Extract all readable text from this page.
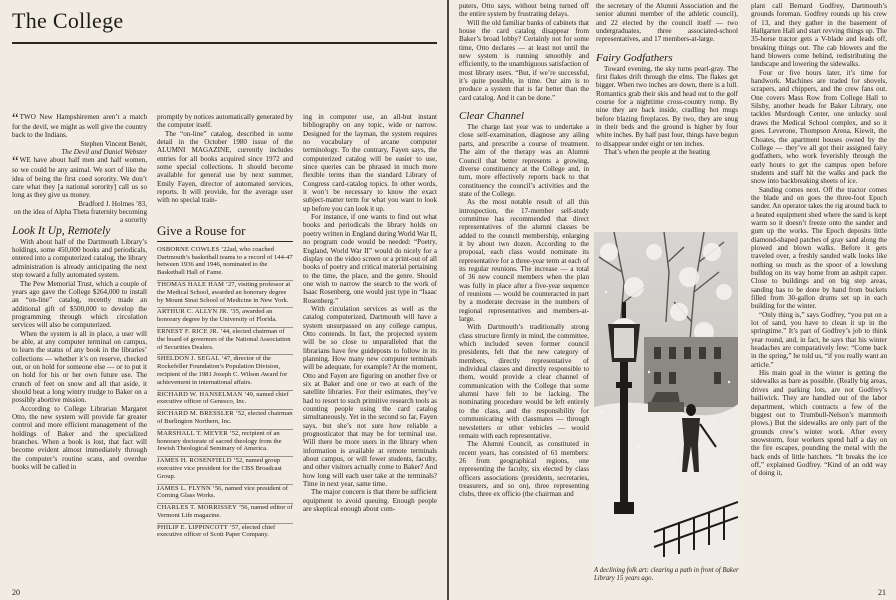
The College

“TWO New Hampshiremen aren’t a match for the devil, we might as well give the country back to the Indians.

Stephen Vincent Benét,
The Devil and Daniel Webster

“WE have about half men and half women, so we could be any animal. We sort of like the idea of being the first coed sorority. We don’t care what they [a national sorority] call us so long as they give us money.

Bradford J. Holmes ’83,
on the idea of Alpha Theta fraternity becoming a sorority

Look It Up, Remotely

With about half of the Dartmouth Library’s holdings, some 450,000 books and periodicals, entered into a computerized catalog, the library administration is already anticipating the next step toward a fully automated system.

The Pew Memorial Trust, which a couple of years ago gave the College $264,000 to install an “on-line” catalog, recently made an additional gift of $500,000 to develop the programming through which circulation services will also be computerized.

When the system is all in place, a user will be able, at any computer terminal on campus, to learn the status of any book in the libraries’ collections — whether it’s on reserve, checked out, or on hold for someone else — or to put it on hold for his or her own future use. The crunch of feet on snow and all that aside, it should beat a long wintry trudge to Baker on a possibly abortive mission.

According to College Librarian Margaret Otto, the new system will provide far greater control and more efficient management of the holdings of Baker and the specialized branches. When a book is lost, that fact will become evident almost immediately through the computer’s routine scans, and overdue books will be called in

promptly by notices automatically generated by the computer itself.

The “on-line” catalog, described in some detail in the October 1980 issue of the ALUMNI MAGAZINE, currently includes entries for all books acquired since 1972 and some special collections. It should become available for general use by next summer, Emily Fayen, director of automated services, reports. It will provide, for the average user with no special train-

Give a Rouse for

OSBORNE COWLES ’22ad, who coached Dartmouth’s basketball teams to a record of 144-47 between 1936 and 1946, nominated to the Basketball Hall of Fame.

THOMAS HALE HAM ’27, visiting professor at the Medical School, awarded an honorary degree by Mount Sinai School of Medicine in New York.

ARTHUR C. ALLYN JR. ’35, awarded an honorary degree by the University of Florida.

ERNEST F. RICE JR. ’44, elected chairman of the board of governors of the National Association of Securities Dealers.

SHELDON J. SEGAL ’47, director of the Rockefeller Foundation’s Population Division, recipient of the 1981 Joseph C. Wilson Award for achievement in international affairs.

RICHARD W. HANSELMAN ’49, named chief executive officer of Genesco, Inc.

RICHARD M. BRESSLER ’52, elected chairman of Burlington Northern, Inc.

MARSHALL T. MEYER ’52, recipient of an honorary doctorate of sacred theology from the Jewish Theological Seminary of America.

JAMES H. ROSENFIELD ’52, named group executive vice president for the CBS Broadcast Group.

JAMES L. FLYNN ’56, named vice president of Corning Glass Works.

CHARLES T. MORRISSEY ’56, named editor of Vermont Life magazine.

PHILIP E. LIPPINCOTT ’57, elected chief executive officer of Scott Paper Company.

ing in computer use, an all-but instant bibliography on any topic, wide or narrow. Designed for the layman, the system requires no vocabulary of arcane computer terminology. To the contrary, Fayen says, the computerized catalog will be easier to use, since queries can be phrased in much more flexible terms than the standard Library of Congress card-catalog topics. In other words, it won’t be necessary to know the exact subject-matter term for what you want to look up before you can look it up.

For instance, if one wants to find out what books and periodicals the library holds on poetry written in England during World War II, no program code would be needed: “Poetry, England, World War II” would do nicely for a display on the video screen or a print-out of all books of poetry and critical material pertaining to the time, the place, and the genre. Should one wish to narrow the search to the work of Isaac Rosenberg, one would just type in “Isaac Rosenberg.”

With circulation services as well as the catalog computerized, Dartmouth will have a system unsurpassed on any college campus, Otto contends. In fact, the projected system will be so close to unparalleled that the librarians have few guideposts to follow in its planning. How many new computer terminals will be adequate, for example? At the moment, Otto and Fayen are figuring on another five or six at Baker and one or two at each of the satellite libraries. For their estimates, they’ve had to resort to such primitive research tools as counting people using the card catalog simultaneously. Yet in the second so far, Fayen says, but she’s not sure how reliable a prognosticator that may be for terminal use. Will there be more users in the library when information is available at remote terminals about campus, or will fewer students, faculty, and other visitors actually come to Baker? And how long will each user take at the terminals? Time in next year, same time.

The major concern is that there be sufficient equipment to avoid queuing. Enough people are skeptical enough about com-

20

puters, Otto says, without being turned off the entire system by frustrating delays.

Will the old familiar banks of cabinets that house the card catalog disappear from Baker’s broad lobby? Certainly not for some time, Otto declares — at least not until the new system is running smoothly and efficiently, to the unambiguous satisfaction of most library users. “But, if we’re successful, it’s quite possible, in time. Our aim is to produce a system that is far better than the card catalog. And it can be done.”

Clear Channel

The charge last year was to undertake a close self-examination, diagnose any ailing parts, and prescribe a course of treatment. The aim of the therapy was an Alumni Council that better represents a growing, diverse constituency at the College and, in turn, more effectively reports back to that constituency the council’s activities and the state of the College.

As the most notable result of all this introspection, the 17-member self-study committee has recommended that direct representatives of the alumni classes be added to the council membership, enlarging it by about two dozen. According to the proposal, each class would nominate its representative for a three-year term at each of its regular reunions. The increase — a total of 36 new council members when the plan was fully in place after a five-year sequence of reunions — would be counteracted in part by a moderate decrease in the numbers of regional representatives and members-at-large.

With Dartmouth’s traditionally strong class structure firmly in mind, the committee, which included seven former council presidents, felt that the new category of members, directly representative of individual classes and directly responsible to them, would provide a clear channel of communication with the College that some alumni have felt to be lacking. The nominating procedure would be left entirely to the class, and the responsibility for communicating with classmates — through newsletters or other vehicles — would remain with each representative.

The Alumni Council, as constituted in recent years, has consisted of 61 members: 26 from geographical regions, one representing the faculty, six elected by class officers associations (presidents, secretaries, treasurers, and so on), three representing clubs, three ex officio (the chairman and

the secretary of the Alumni Association and the senior alumni member of the athletic council), and 22 elected by the council itself — two undergraduates, three associated-school representatives, and 17 members-at-large.

Fairy Godfathers

Toward evening, the sky turns pearl-gray. The first flakes drift through the elms. The flakes get bigger. When two inches are down, there is a lull. Romantics grab their skis and head out to the golf course for a nighttime cross-country romp. By nine they are back inside, cradling hot mugs before blazing fireplaces. By two, they are snug in their beds and the ground is higher by four white inches. By half past four, things have begun to disappear under eight or ten inches.

That’s when the people at the heating

A declining folk art: clearing a path in front of Baker Library 15 years ago.

plant call Bernard Godfrey, Dartmouth’s grounds foreman. Godfrey rounds up his crew of 13, and they gather in the basement of Hallgarten Hall and start revving things up. The 35-horse tractor gets a V-blade and leads off, breaking things out. The cab blowers and the hand blowers come behind, redistributing the landscape and lowering the sidewalks.

Four or five hours later, it’s time for handwork. Machines are traded for shovels, scrapers, and chippers, and the crew fans out. One covers Mass Row from College Hall to Silsby, another heads for Baker Library, one tackles Murdough Center, one unlucky soul draws the Medical School complex, and so it goes. Leverone, Thompson Arena, Kiewit, the Choates, the apartment houses owned by the College — they’ve all got their assigned fairy godfathers, who work feverishly through the early hours to get the campus open before students and staff hit the walks and pack the snow into backbreaking sheets of ice.

Sanding comes next. Off the tractor comes the blade and on goes the three-foot Epoch sander. An operator takes the rig around back to a heated equipment shed where the sand is kept warm so it doesn’t freeze onto the sander and gum up the works. The Epoch deposits little diamond-shaped patches of gray sand along the plowed and blown walks. Before it gets traveled over, a freshly sanded walk looks like nothing so much as the spoor of a lowslung bulldog on its way home from an ashpit caper. Close to buildings and on big step areas, sanding has to be done by hand from buckets filled from 30-gallon drums set up in each building for the winter.

“Only thing is,” says Godfrey, “you put on a lot of sand, you have to clean it up in the springtime.” It’s part of Godfrey’s job to think year round, and, in fact, he says that his winter headaches are comparatively few: “Come back in the spring,” he told us, “if you really want an article.”

His main goal in the winter is getting the sidewalks as bare as possible. (Really big areas, drives and parking lots, are not Godfrey’s bailiwick. They are handled out of the labor department, which contracts a few of the biggest out to Trumbull-Nelson’s mammoth plows.) But the sidewalks are only part of the grounds crew’s winter work. After every snowstorm, four workers spend half a day on the fire escapes, pounding the metal with the back ends of little hatchets. “It breaks the ice off,” explained Godfrey. “Kind of an odd way of doing it,

21
